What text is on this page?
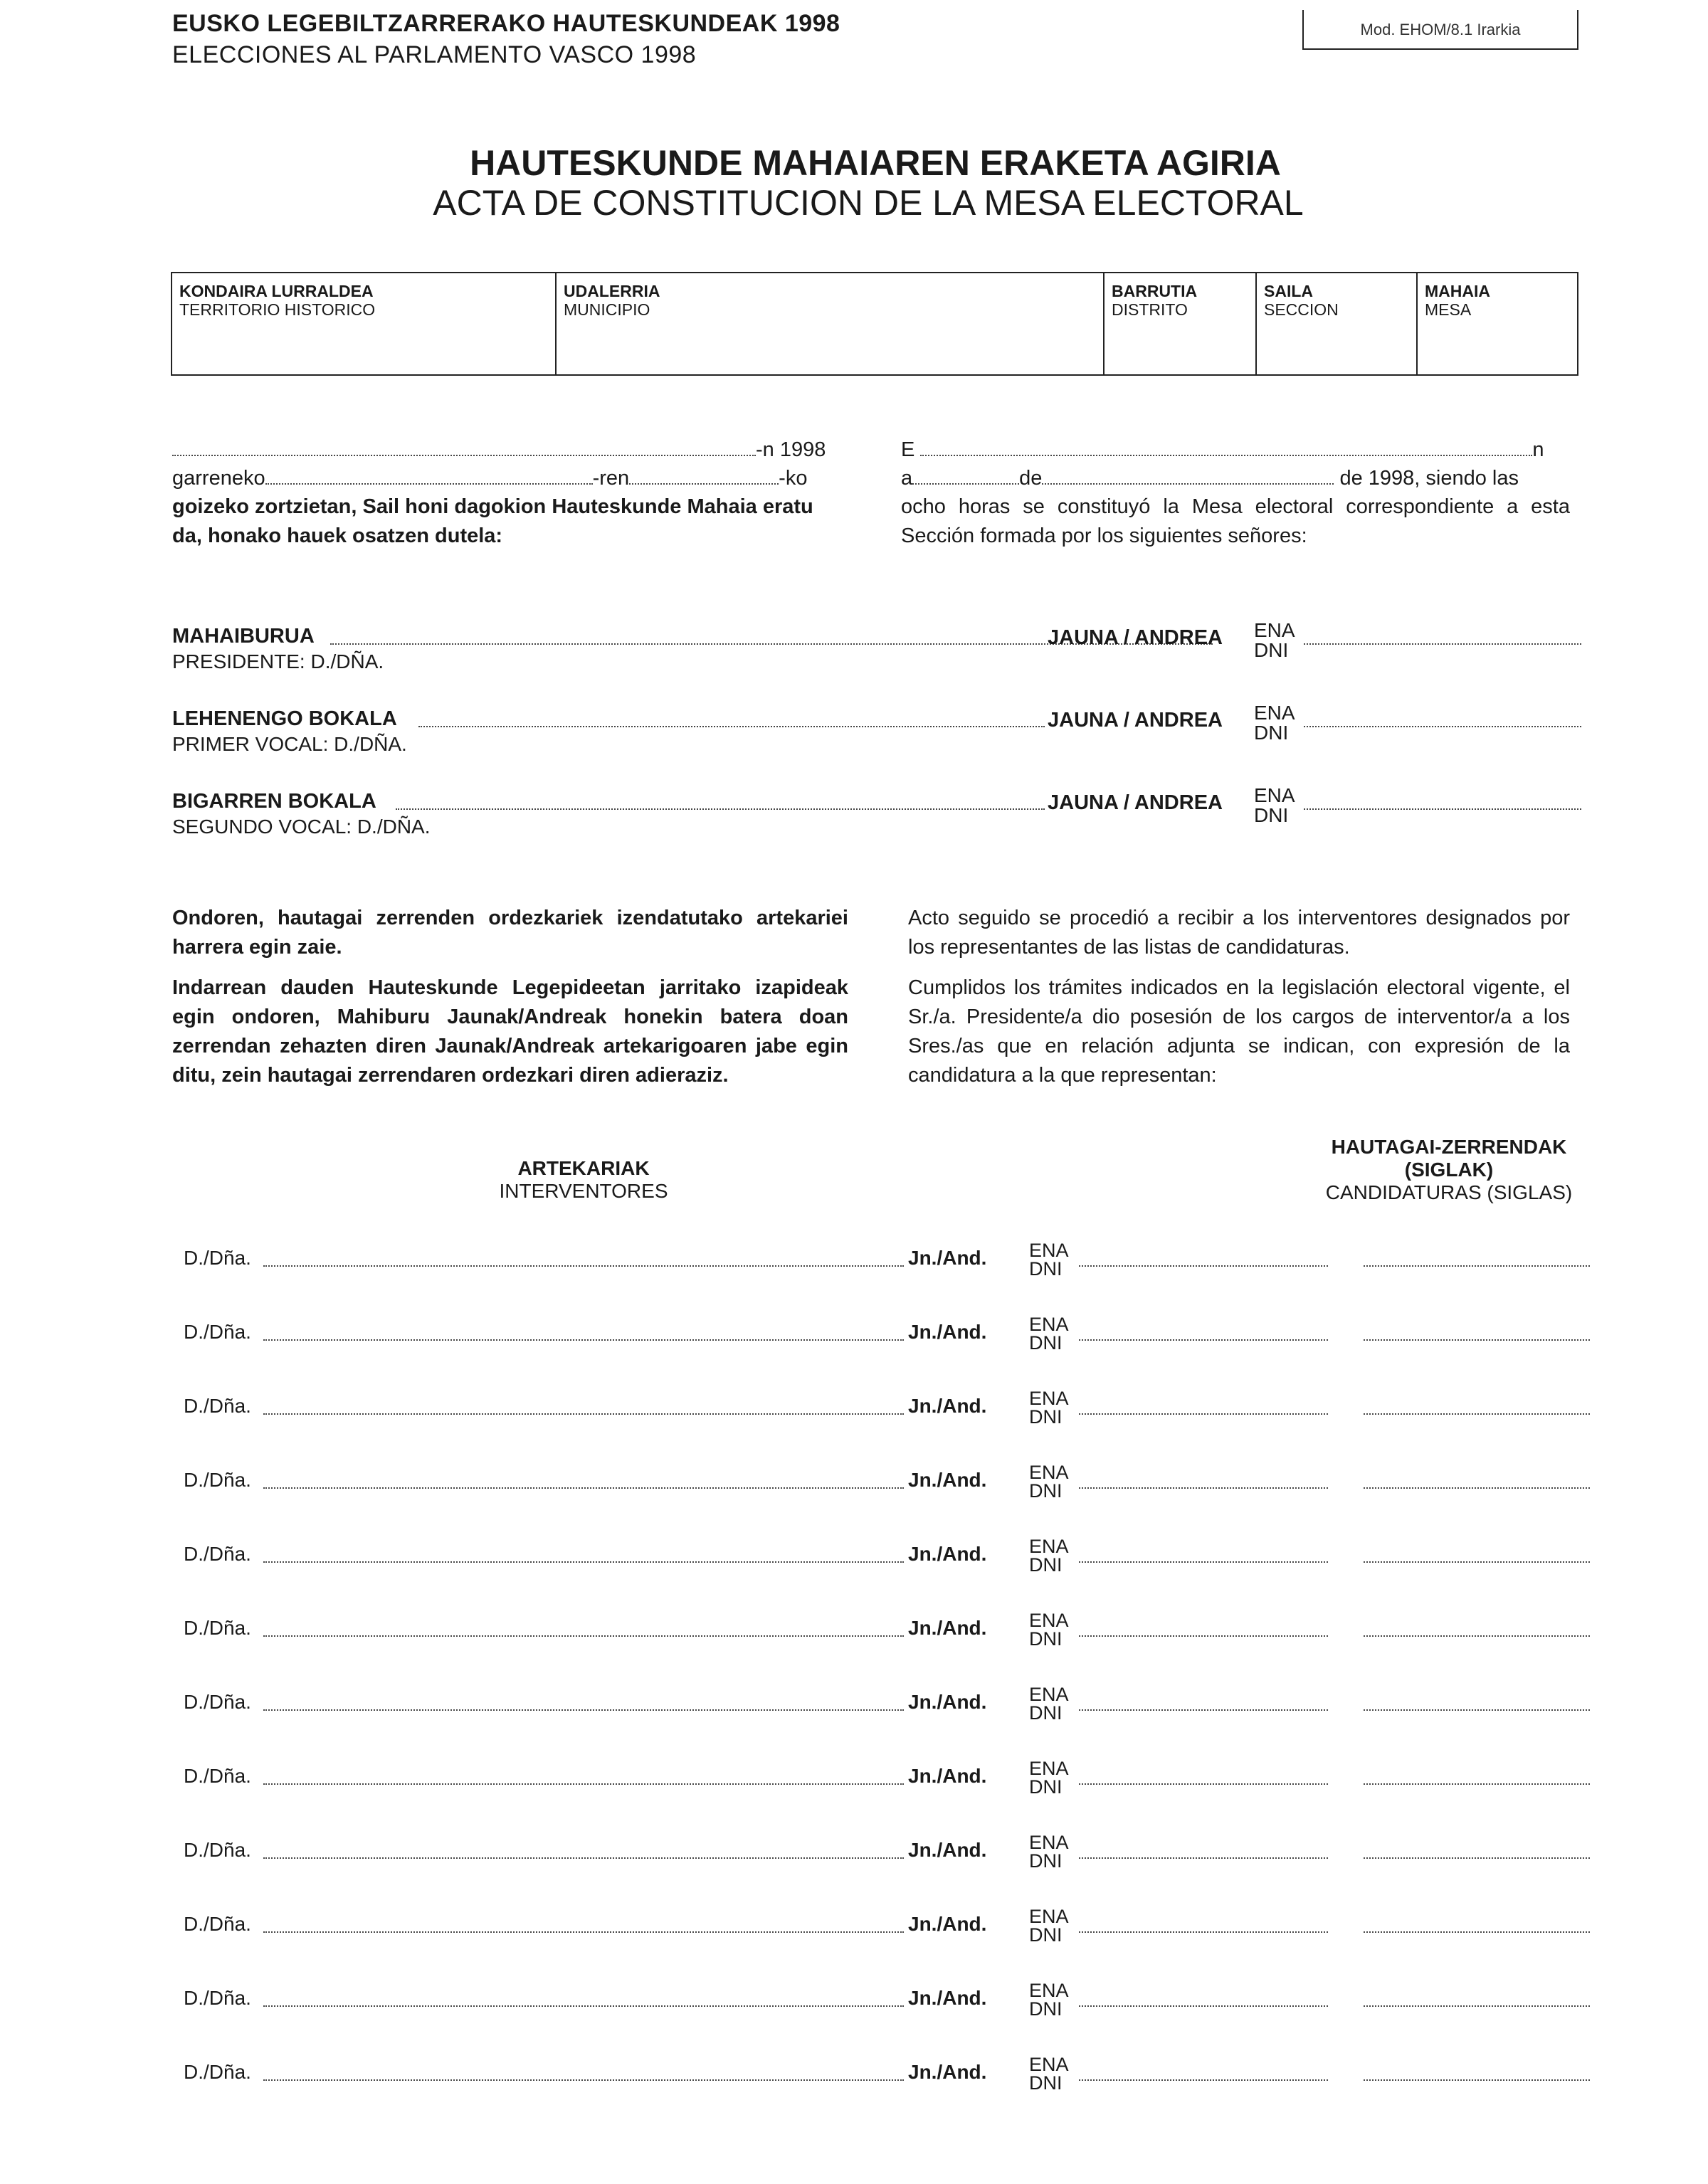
EUSKO LEGEBILTZARRERAKO HAUTESKUNDEAK 1998
ELECCIONES AL PARLAMENTO VASCO 1998
Mod. EHOM/8.1 Irarkia
HAUTESKUNDE MAHAIAREN ERAKETA AGIRIA
ACTA DE CONSTITUCION DE LA MESA ELECTORAL
KONDAIRA LURRALDEA
TERRITORIO HISTORICO
UDALERRIA
MUNICIPIO
BARRUTIA
DISTRITO
SAILA
SECCION
MAHAIA
MESA
-n 1998
garreneko	-ren	-ko
goizeko zortzietan, Sail honi dagokion Hauteskunde Mahaia eratu da, honako hauek osatzen dutela:
E	n
a	de	de 1998, siendo las
ocho horas se constituyó la Mesa electoral correspondiente a esta Sección formada por los siguientes señores:
MAHAIBURUA
PRESIDENTE: D./DÑA.
JAUNA / ANDREA ENA
DNI
LEHENENGO BOKALA
PRIMER VOCAL: D./DÑA.
JAUNA / ANDREA ENA
DNI
BIGARREN BOKALA
SEGUNDO VOCAL: D./DÑA.
JAUNA / ANDREA ENA
DNI
Ondoren, hautagai zerrenden ordezkariek izendatutako artekariei harrera egin zaie.
Indarrean dauden Hauteskunde Legepideetan jarritako izapideak egin ondoren, Mahiburu Jaunak/Andreak honekin batera doan zerrendan zehazten diren Jaunak/Andreak artekarigoaren jabe egin ditu, zein hautagai zerrendaren ordezkari diren adieraziz.
Acto seguido se procedió a recibir a los interventores designados por los representantes de las listas de candidaturas.
Cumplidos los trámites indicados en la legislación electoral vigente, el Sr./a. Presidente/a dio posesión de los cargos de interventor/a a los Sres./as que en relación adjunta se indican, con expresión de la candidatura a la que representan:
ARTEKARIAK
INTERVENTORES
HAUTAGAI-ZERRENDAK
(SIGLAK)
CANDIDATURAS (SIGLAS)
D./Dña.	Jn./And. ENA
DNI
D./Dña.	Jn./And. ENA
DNI
D./Dña.	Jn./And. ENA
DNI
D./Dña.	Jn./And. ENA
DNI
D./Dña.	Jn./And. ENA
DNI
D./Dña.	Jn./And. ENA
DNI
D./Dña.	Jn./And. ENA
DNI
D./Dña.	Jn./And. ENA
DNI
D./Dña.	Jn./And. ENA
DNI
D./Dña.	Jn./And. ENA
DNI
D./Dña.	Jn./And. ENA
DNI
D./Dña.	Jn./And. ENA
DNI
